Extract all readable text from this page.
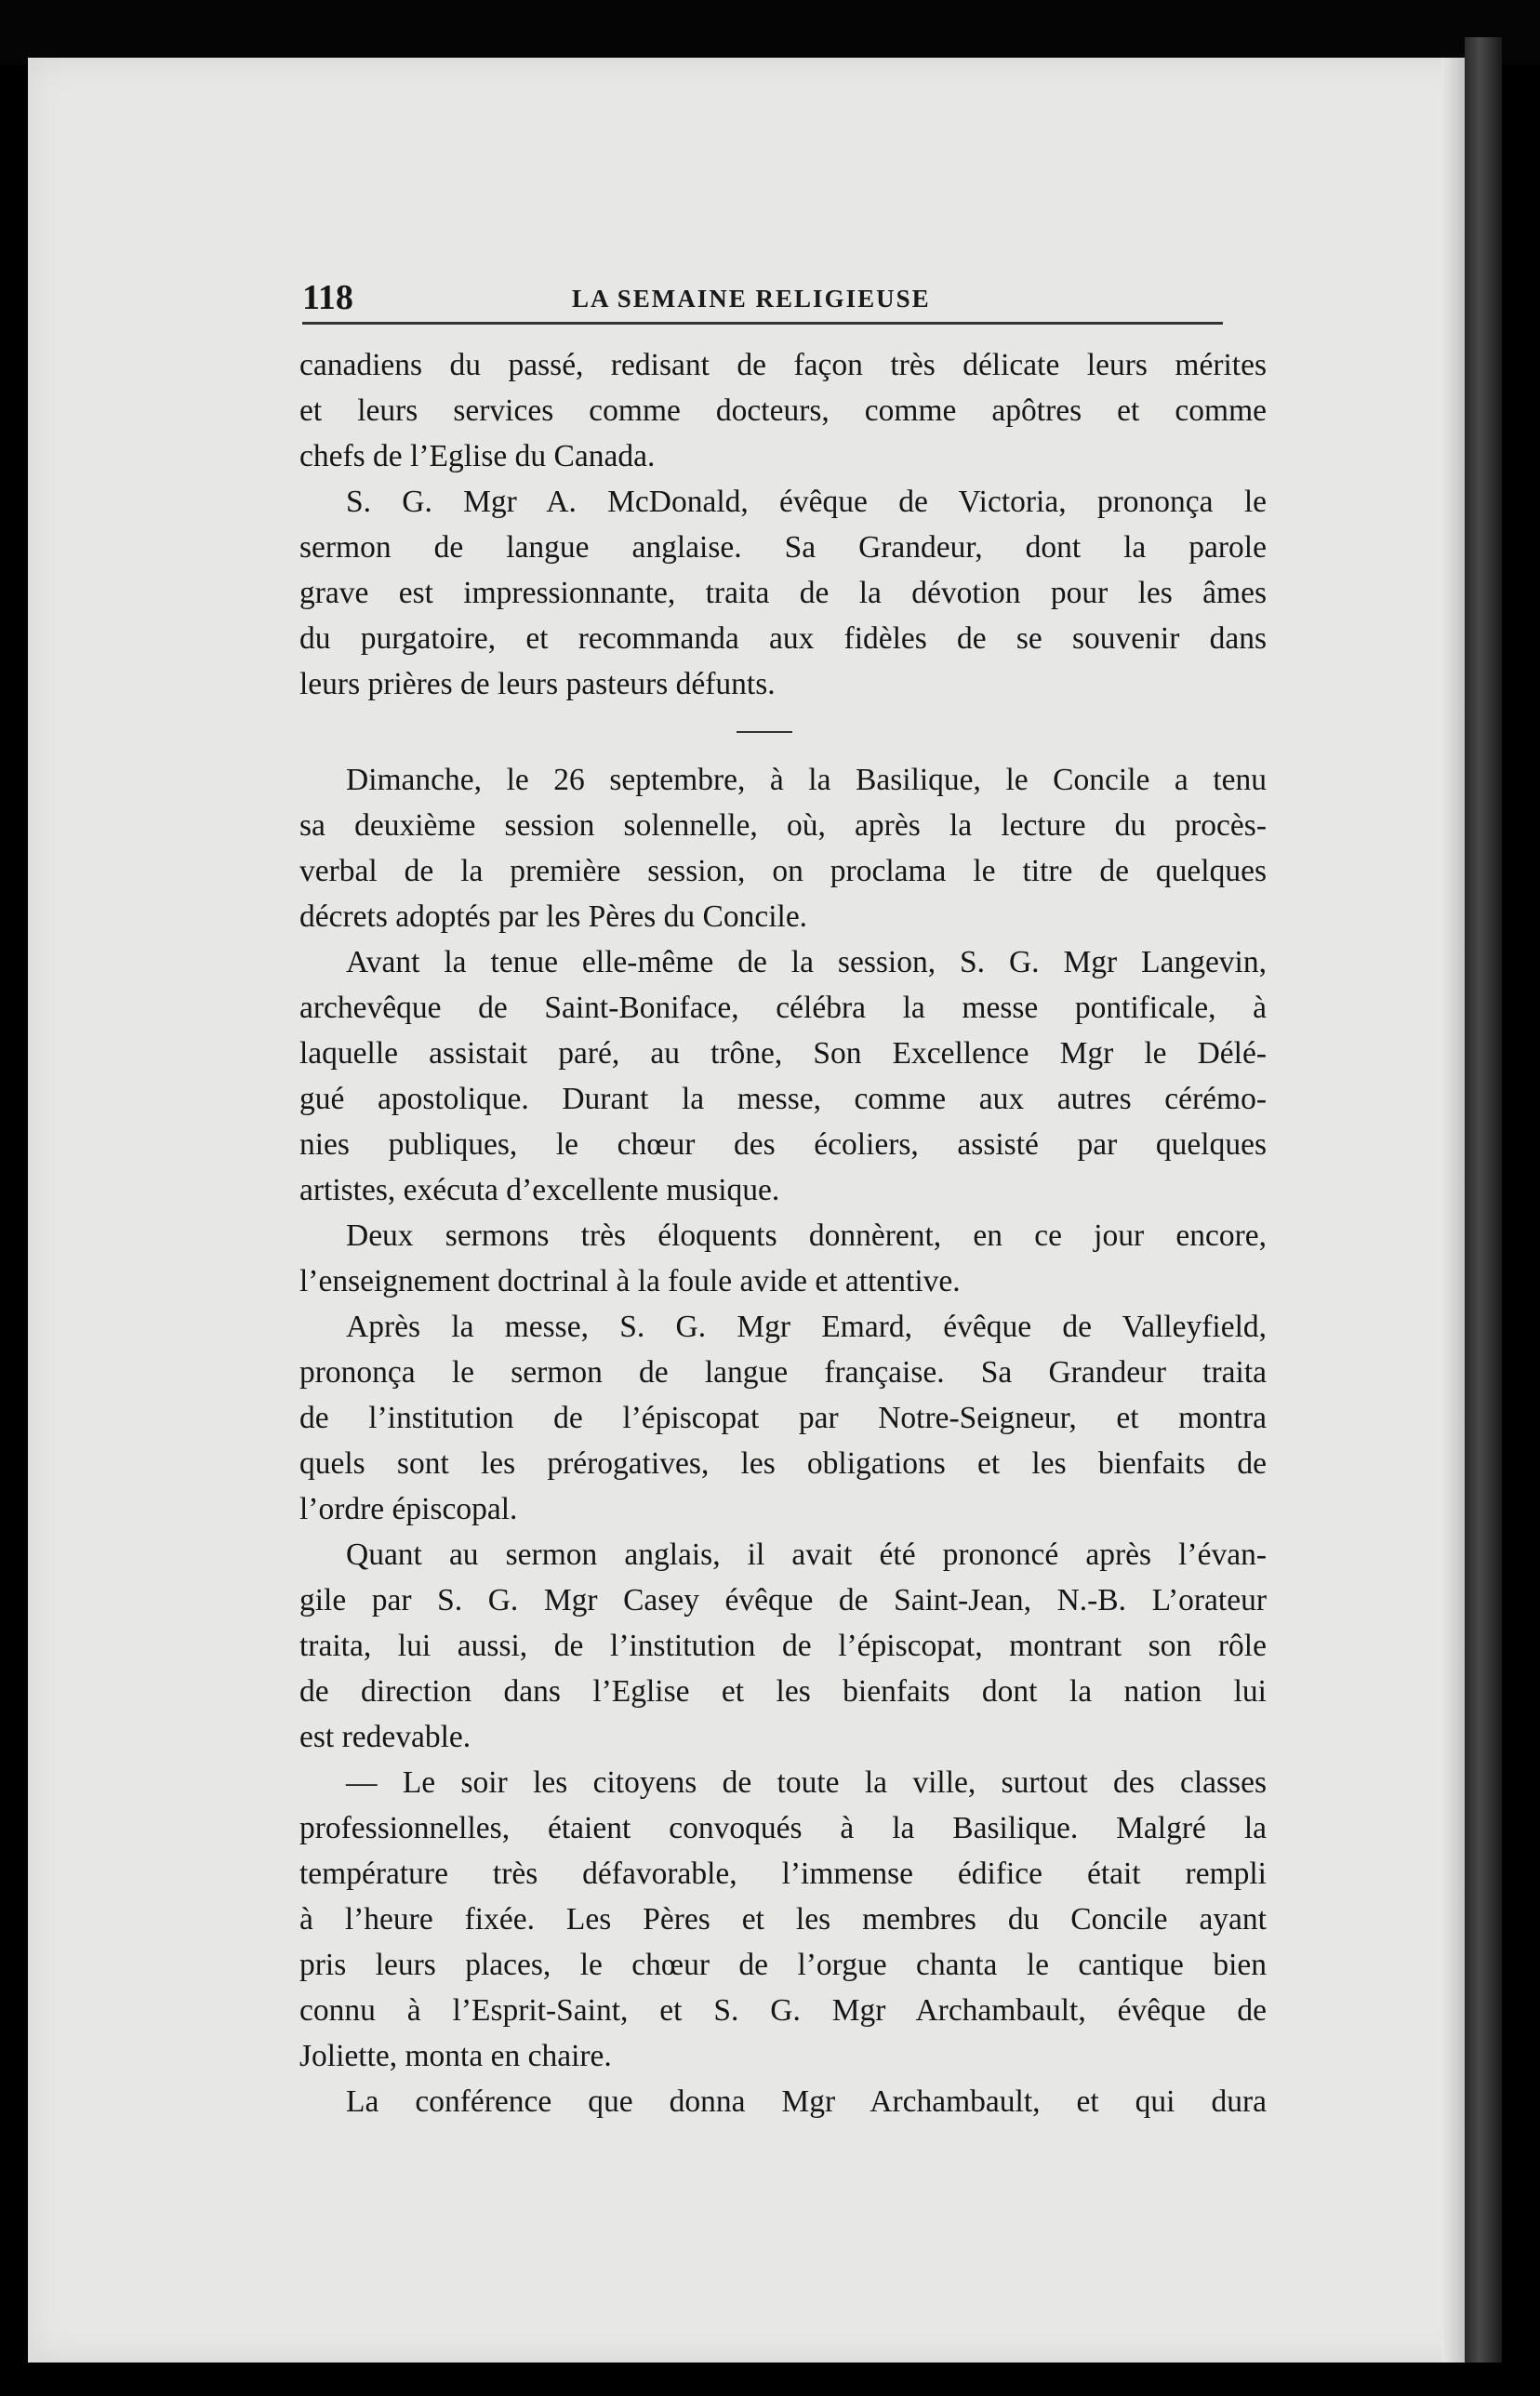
118	LA SEMAINE RELIGIEUSE
canadiens du passé, redisant de façon très délicate leurs mérites
et leurs services comme docteurs, comme apôtres et comme
chefs de l’Eglise du Canada.
S. G. Mgr A. McDonald, évêque de Victoria, prononça le
sermon de langue anglaise. Sa Grandeur, dont la parole
grave est impressionnante, traita de la dévotion pour les âmes
du purgatoire, et recommanda aux fidèles de se souvenir dans
leurs prières de leurs pasteurs défunts.
Dimanche, le 26 septembre, à la Basilique, le Concile a tenu
sa deuxième session solennelle, où, après la lecture du procès-
verbal de la première session, on proclama le titre de quelques
décrets adoptés par les Pères du Concile.
Avant la tenue elle-même de la session, S. G. Mgr Langevin,
archevêque de Saint-Boniface, célébra la messe pontificale, à
laquelle assistait paré, au trône, Son Excellence Mgr le Délé-
gué apostolique. Durant la messe, comme aux autres cérémo-
nies publiques, le chœur des écoliers, assisté par quelques
artistes, exécuta d’excellente musique.
Deux sermons très éloquents donnèrent, en ce jour encore,
l’enseignement doctrinal à la foule avide et attentive.
Après la messe, S. G. Mgr Emard, évêque de Valleyfield,
prononça le sermon de langue française. Sa Grandeur traita
de l’institution de l’épiscopat par Notre-Seigneur, et montra
quels sont les prérogatives, les obligations et les bienfaits de
l’ordre épiscopal.
Quant au sermon anglais, il avait été prononcé après l’évan-
gile par S. G. Mgr Casey évêque de Saint-Jean, N.-B. L’orateur
traita, lui aussi, de l’institution de l’épiscopat, montrant son rôle
de direction dans l’Eglise et les bienfaits dont la nation lui
est redevable.
— Le soir les citoyens de toute la ville, surtout des classes
professionnelles, étaient convoqués à la Basilique. Malgré la
température très défavorable, l’immense édifice était rempli
à l’heure fixée. Les Pères et les membres du Concile ayant
pris leurs places, le chœur de l’orgue chanta le cantique bien
connu à l’Esprit-Saint, et S. G. Mgr Archambault, évêque de
Joliette, monta en chaire.
La conférence que donna Mgr Archambault, et qui dura
